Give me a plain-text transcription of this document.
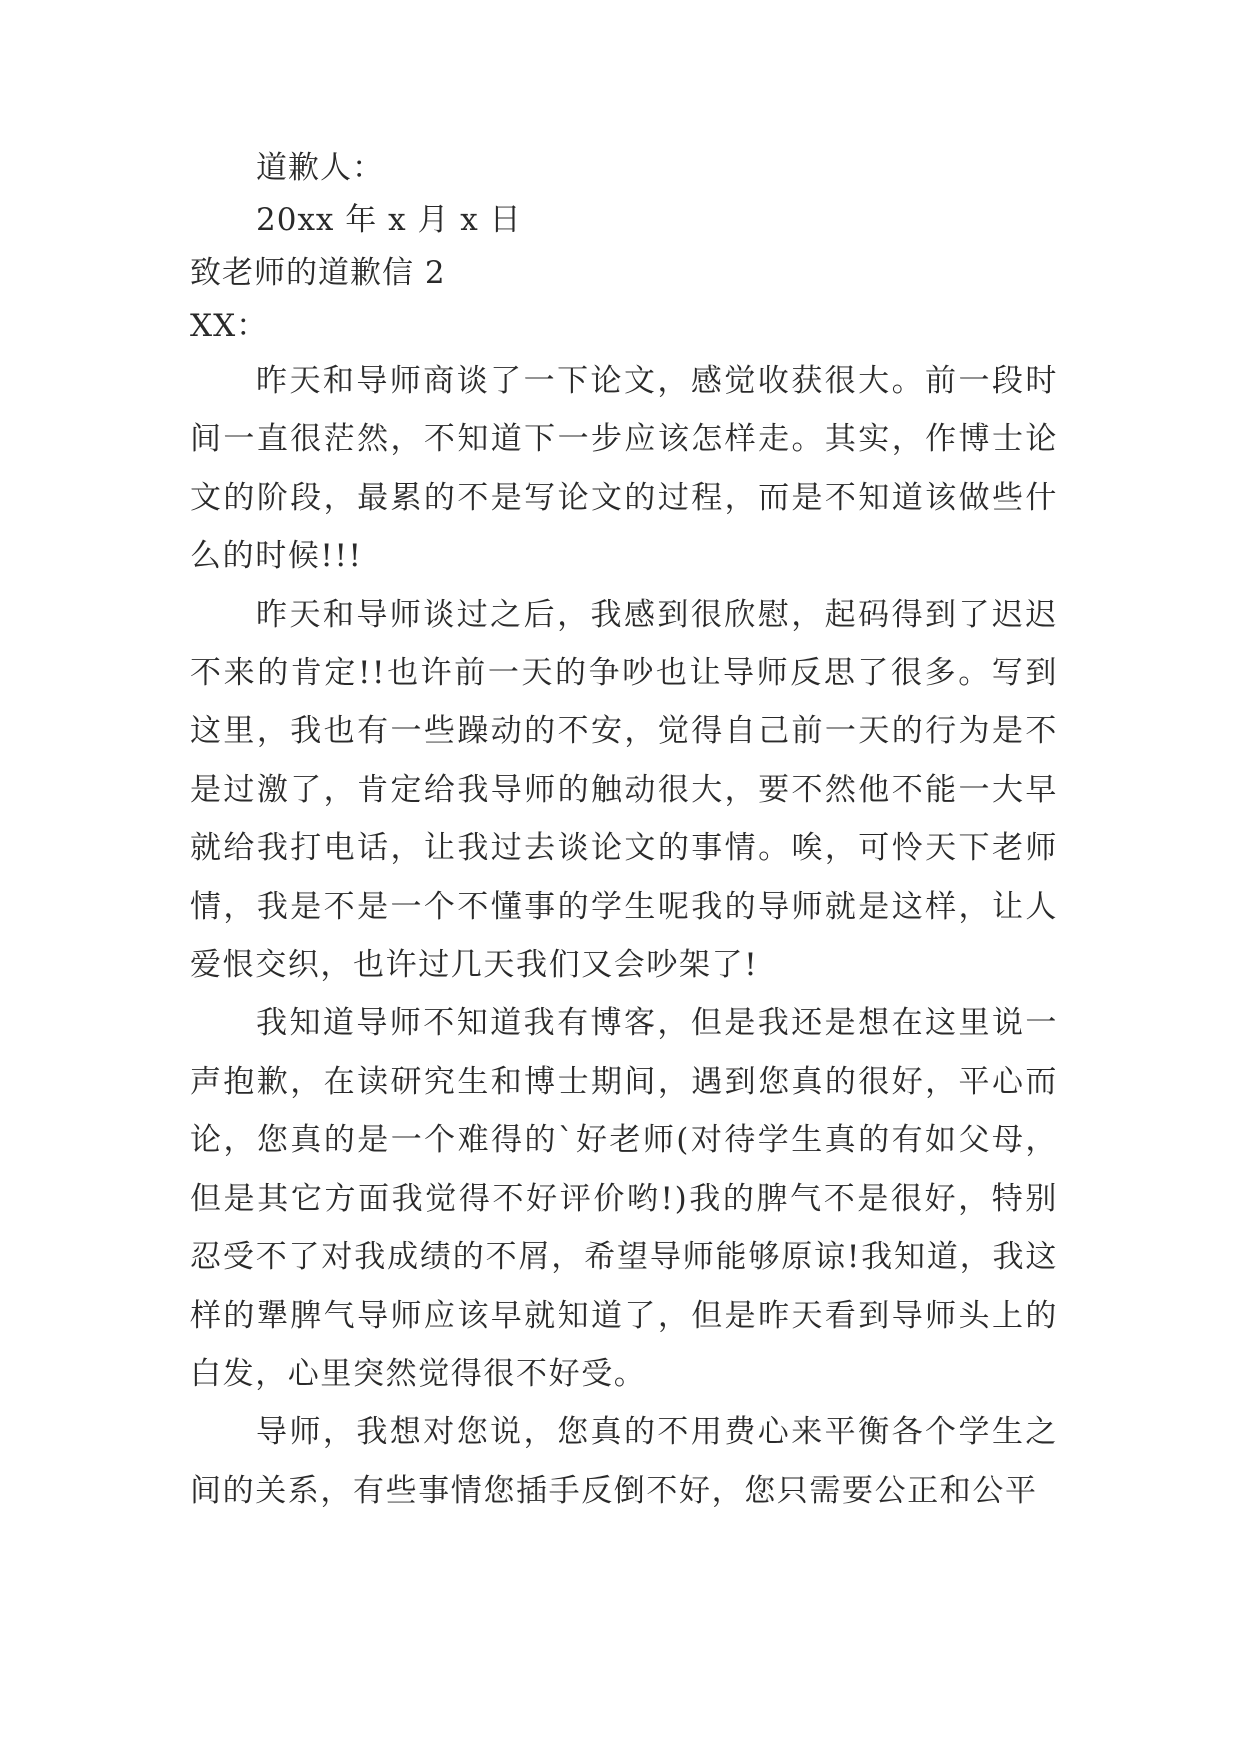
道歉人：
20xx 年 x 月 x 日
致老师的道歉信 2
XX：

昨天和导师商谈了一下论文，感觉收获很大。前一段时间一直很茫然，不知道下一步应该怎样走。其实，作博士论文的阶段，最累的不是写论文的过程，而是不知道该做些什么的时候!!!

昨天和导师谈过之后，我感到很欣慰，起码得到了迟迟不来的肯定!!也许前一天的争吵也让导师反思了很多。写到这里，我也有一些躁动的不安，觉得自己前一天的行为是不是过激了，肯定给我导师的触动很大，要不然他不能一大早就给我打电话，让我过去谈论文的事情。唉，可怜天下老师情，我是不是一个不懂事的学生呢我的导师就是这样，让人爱恨交织，也许过几天我们又会吵架了!

我知道导师不知道我有博客，但是我还是想在这里说一声抱歉，在读研究生和博士期间，遇到您真的很好，平心而论，您真的是一个难得的`好老师(对待学生真的有如父母，但是其它方面我觉得不好评价哟!)我的脾气不是很好，特别忍受不了对我成绩的不屑，希望导师能够原谅!我知道，我这样的犟脾气导师应该早就知道了，但是昨天看到导师头上的白发，心里突然觉得很不好受。

导师，我想对您说，您真的不用费心来平衡各个学生之间的关系，有些事情您插手反倒不好，您只需要公正和公平
